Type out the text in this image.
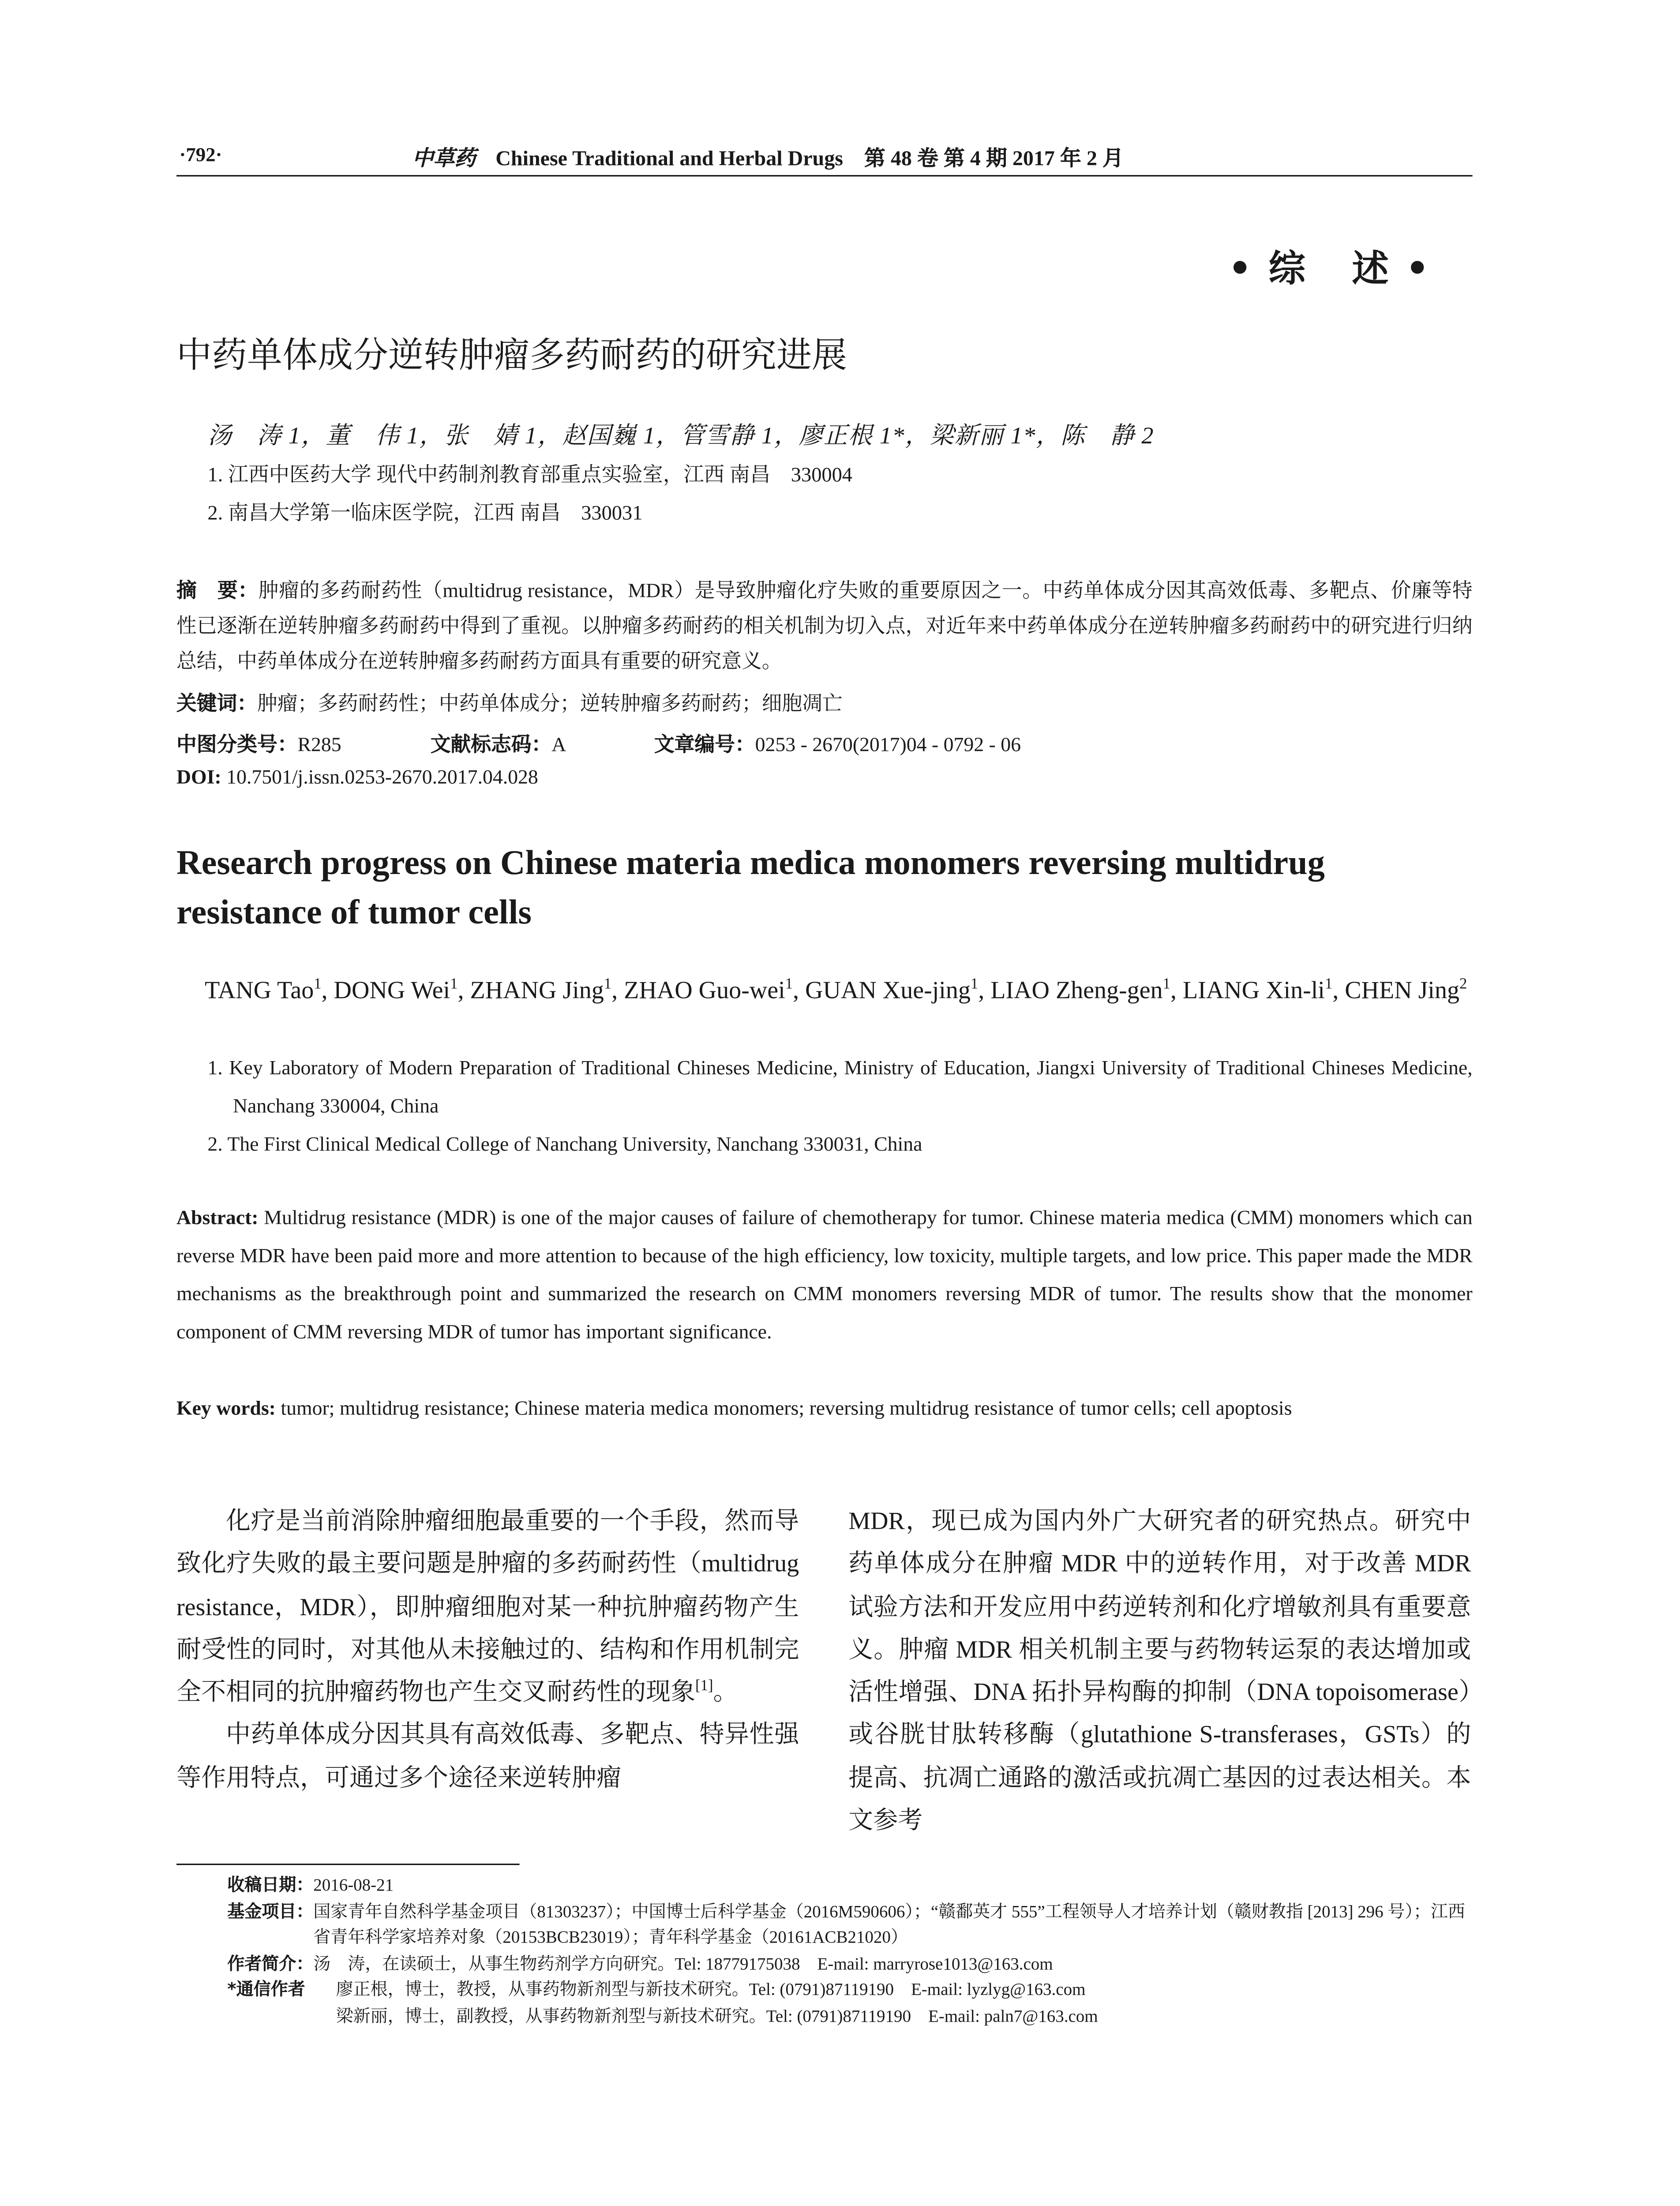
·792·	中草药	Chinese Traditional and Herbal Drugs　第 48 卷 第 4 期 2017 年 2 月
•综 述•
中药单体成分逆转肿瘤多药耐药的研究进展
汤　涛 1，董　伟 1，张　婧 1，赵国巍 1，管雪静 1，廖正根 1*，梁新丽 1*，陈　静 2
1. 江西中医药大学 现代中药制剂教育部重点实验室，江西 南昌　330004
2. 南昌大学第一临床医学院，江西 南昌　330031
摘　要：肿瘤的多药耐药性（multidrug resistance，MDR）是导致肿瘤化疗失败的重要原因之一。中药单体成分因其高效低毒、多靶点、价廉等特性已逐渐在逆转肿瘤多药耐药中得到了重视。以肿瘤多药耐药的相关机制为切入点，对近年来中药单体成分在逆转肿瘤多药耐药中的研究进行归纳总结，中药单体成分在逆转肿瘤多药耐药方面具有重要的研究意义。
关键词：肿瘤；多药耐药性；中药单体成分；逆转肿瘤多药耐药；细胞凋亡
中图分类号：R285	文献标志码：A	文章编号：0253 - 2670(2017)04 - 0792 - 06
DOI: 10.7501/j.issn.0253-2670.2017.04.028
Research progress on Chinese materia medica monomers reversing multidrug resistance of tumor cells
TANG Tao$^1$, DONG Wei$^1$, ZHANG Jing$^1$, ZHAO Guo-wei$^1$, GUAN Xue-jing$^1$, LIAO Zheng-gen$^1$, LIANG Xin-$li^1$, CHEN Jing$^2$
1. Key Laboratory of Modern Preparation of Traditional Chineses Medicine, Ministry of Education, Jiangxi University of Traditional Chineses Medicine, Nanchang 330004, China
2. The First Clinical Medical College of Nanchang University, Nanchang 330031, China
Abstract: Multidrug resistance (MDR) is one of the major causes of failure of chemotherapy for tumor. Chinese materia medica (CMM) monomers which can reverse MDR have been paid more and more attention to because of the high efficiency, low toxicity, multiple targets, and low price. This paper made the MDR mechanisms as the breakthrough point and summarized the research on CMM monomers reversing MDR of tumor. The results show that the monomer component of CMM reversing MDR of tumor has important significance.
Key words: tumor; multidrug resistance; Chinese materia medica monomers; reversing multidrug resistance of tumor cells; cell apoptosis
化疗是当前消除肿瘤细胞最重要的一个手段，然而导致化疗失败的最主要问题是肿瘤的多药耐药性（multidrug resistance，MDR），即肿瘤细胞对某一种抗肿瘤药物产生耐受性的同时，对其他从未接触过的、结构和作用机制完全不相同的抗肿瘤药物也产生交叉耐药性的现象[1]。
中药单体成分因其具有高效低毒、多靶点、特异性强等作用特点，可通过多个途径来逆转肿瘤
MDR，现已成为国内外广大研究者的研究热点。研究中药单体成分在肿瘤 MDR 中的逆转作用，对于改善 MDR 试验方法和开发应用中药逆转剂和化疗增敏剂具有重要意义。肿瘤 MDR 相关机制主要与药物转运泵的表达增加或活性增强、DNA 拓扑异构酶的抑制（DNA topoisomerase）或谷胱甘肽转移酶（glutathione S-transferases，GSTs）的提高、抗凋亡通路的激活或抗凋亡基因的过表达相关。本文参考
收稿日期： 2016-08-21
基金项目： 国家青年自然科学基金项目（81303237）；中国博士后科学基金（2016M590606）；“赣鄱英才 555”工程领导人才培养计划（赣财教指 [2013] 296 号）；江西省青年科学家培养对象（20153BCB23019）；青年科学基金（20161ACB21020）
作者简介： 汤　涛，在读硕士，从事生物药剂学方向研究。Tel: 18779175038　E-mail: marryrose1013@163.com
*通信作者	廖正根，博士，教授，从事药物新剂型与新技术研究。Tel: (0791)87119190　E-mail: lyzlyg@163.com
梁新丽，博士，副教授，从事药物新剂型与新技术研究。Tel: (0791)87119190　E-mail: paln7@163.com
